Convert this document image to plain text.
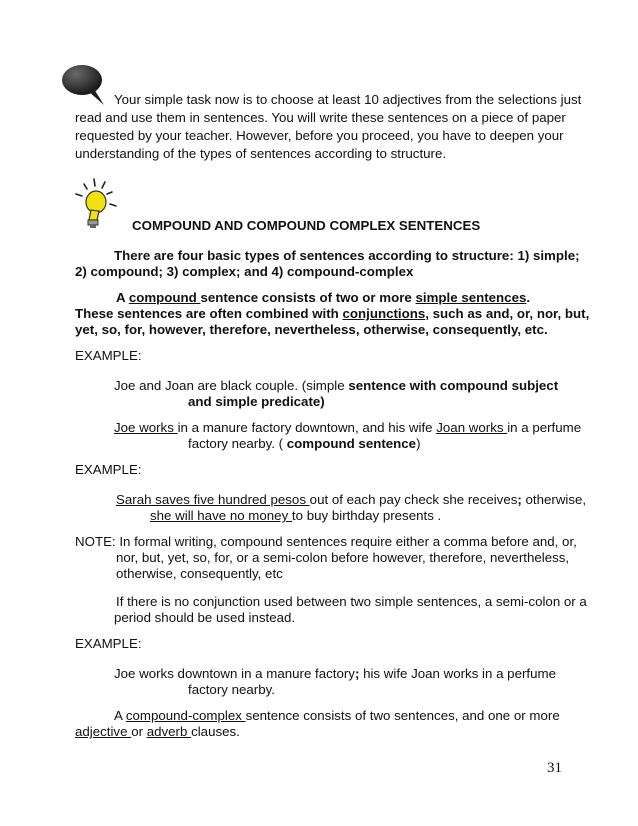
Your simple task now is to choose at least 10 adjectives from the selections just
read and use them in sentences. You will write these sentences on a piece of paper
requested by your teacher. However, before you proceed, you have to deepen your
understanding of the types of sentences according to structure.
COMPOUND AND COMPOUND COMPLEX SENTENCES
There are four basic types of sentences according to structure: 1) simple;
2) compound; 3) complex; and 4) compound-complex
A compound sentence consists of two or more simple sentences.
These sentences are often combined with conjunctions, such as and, or, nor, but,
yet, so, for, however, therefore, nevertheless, otherwise, consequently, etc.
EXAMPLE:
Joe and Joan are black couple. (simple sentence with compound subject
and simple predicate)
Joe works in a manure factory downtown, and his wife Joan works in a perfume
factory nearby. ( compound sentence)
EXAMPLE:
Sarah saves five hundred pesos out of each pay check she receives; otherwise,
she will have no money to buy birthday presents .
NOTE: In formal writing, compound sentences require either a comma before and, or,
nor, but, yet, so, for, or a semi-colon before however, therefore, nevertheless,
otherwise, consequently, etc
If there is no conjunction used between two simple sentences, a semi-colon or a
period should be used instead.
EXAMPLE:
Joe works downtown in a manure factory; his wife Joan works in a perfume
factory nearby.
A compound-complex sentence consists of two sentences, and one or more
adjective or adverb clauses.
31
